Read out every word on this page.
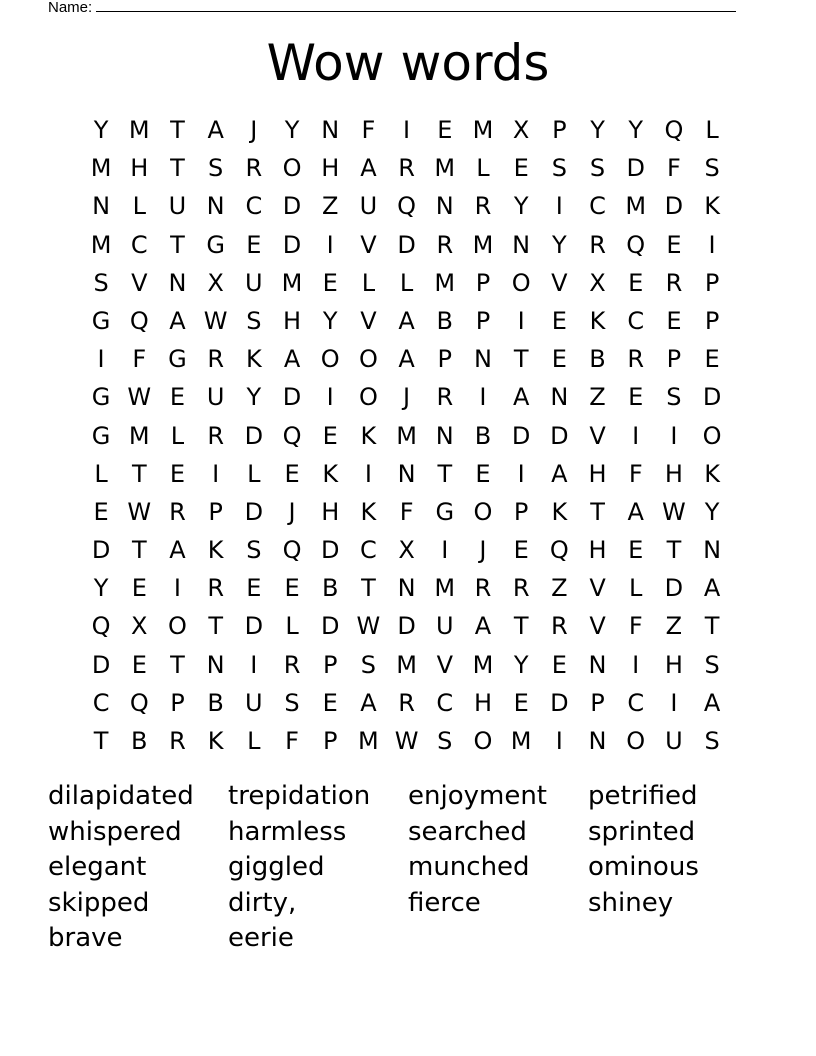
Name:
Wow words
Y M T A	J	Y N F	I	E M X P Y Y Q L
M H T S R O H A R M L E S S D F S
N L U N C D Z U Q N R Y	I	C M D K
M C T G E D	I	V D R M N Y R Q E	I
S V N X U M E L	L M P O V X E R P
G Q A W S H Y V A B P	I	E K C E P
I	F G R K A O O A P N T E B R P E
G W E U Y D	I	O	J	R	I	A N Z E S D
G M L R D Q E K M N B D D V	I	I	O
L	T E	I	L E K	I	N T E	I	A H F H K
E W R P D	J	H K F G O P K T A W Y
D T A K S Q D C X	I	J	E Q H E T N
Y E	I	R E E B T N M R R Z V L D A
Q X O T D L D W D U A T R V F Z T
D E T N	I	R P S M V M Y E N	I	H S
C Q P B U S E A R C H E D P C	I	A
T B R K L	F	P M W S O M	I	N O U S
dilapidated	trepidation	enjoyment	petrified
whispered	harmless	searched	sprinted
elegant	giggled	munched	ominous
skipped	dirty,	fierce	shiney
brave	eerie
